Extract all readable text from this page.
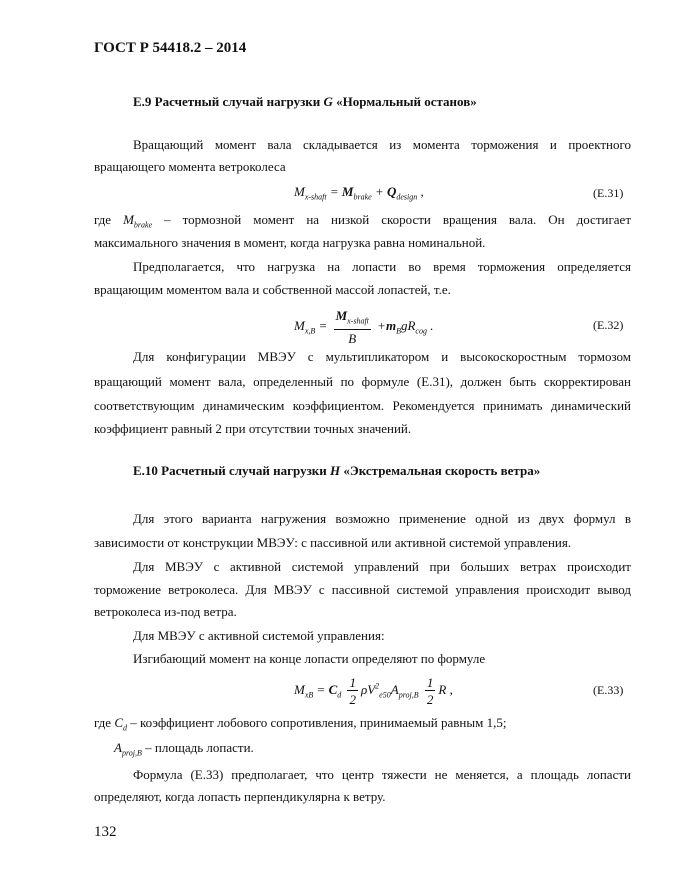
ГОСТ Р 54418.2 – 2014
Е.9 Расчетный случай нагрузки G «Нормальный останов»
Вращающий момент вала складывается из момента торможения и проектного
вращающего момента ветроколеса
$M_{x-shaft} = M_{brake} + Q_{design}$ ,	(E.31)
где $M_{brake}$ – тормозной момент на низкой скорости вращения вала. Он достигает
максимального значения в момент, когда нагрузка равна номинальной.
Предполагается, что нагрузка на лопасти во время торможения определяется
вращающим моментом вала и собственной массой лопастей, т.е.
$M_{x,B} = \frac{M_{x-shaft}}{B} +m_BgR_{cog}$ .	(E.32)
Для конфигурации МВЭУ с мультипликатором и высокоскоростным тормозом
вращающий момент вала, определенный по формуле (Е.31), должен быть скорректирован
соответствующим динамическим коэффициентом. Рекомендуется принимать динамический
коэффициент равный 2 при отсутствии точных значений.
Е.10 Расчетный случай нагрузки H «Экстремальная скорость ветра»
Для этого варианта нагружения возможно применение одной из двух формул в
зависимости от конструкции МВЭУ: с пассивной или активной системой управления.
Для МВЭУ с активной системой управлений при больших ветрах происходит
торможение ветроколеса. Для МВЭУ с пассивной системой управления происходит вывод
ветроколеса из-под ветра.
Для МВЭУ с активной системой управления:
Изгибающий момент на конце лопасти определяют по формуле
$M_{xB} = C_d \frac{1}{2} \rho V^2_{e50}A_{proj,B} \frac{1}{2}$ R ,	(E.33)
где $C_d$ – коэффициент лобового сопротивления, принимаемый равным 1,5;
$A_{proj,B}$ – площадь лопасти.
Формула (Е.33) предполагает, что центр тяжести не меняется, а площадь лопасти
определяют, когда лопасть перпендикулярна к ветру.
132
